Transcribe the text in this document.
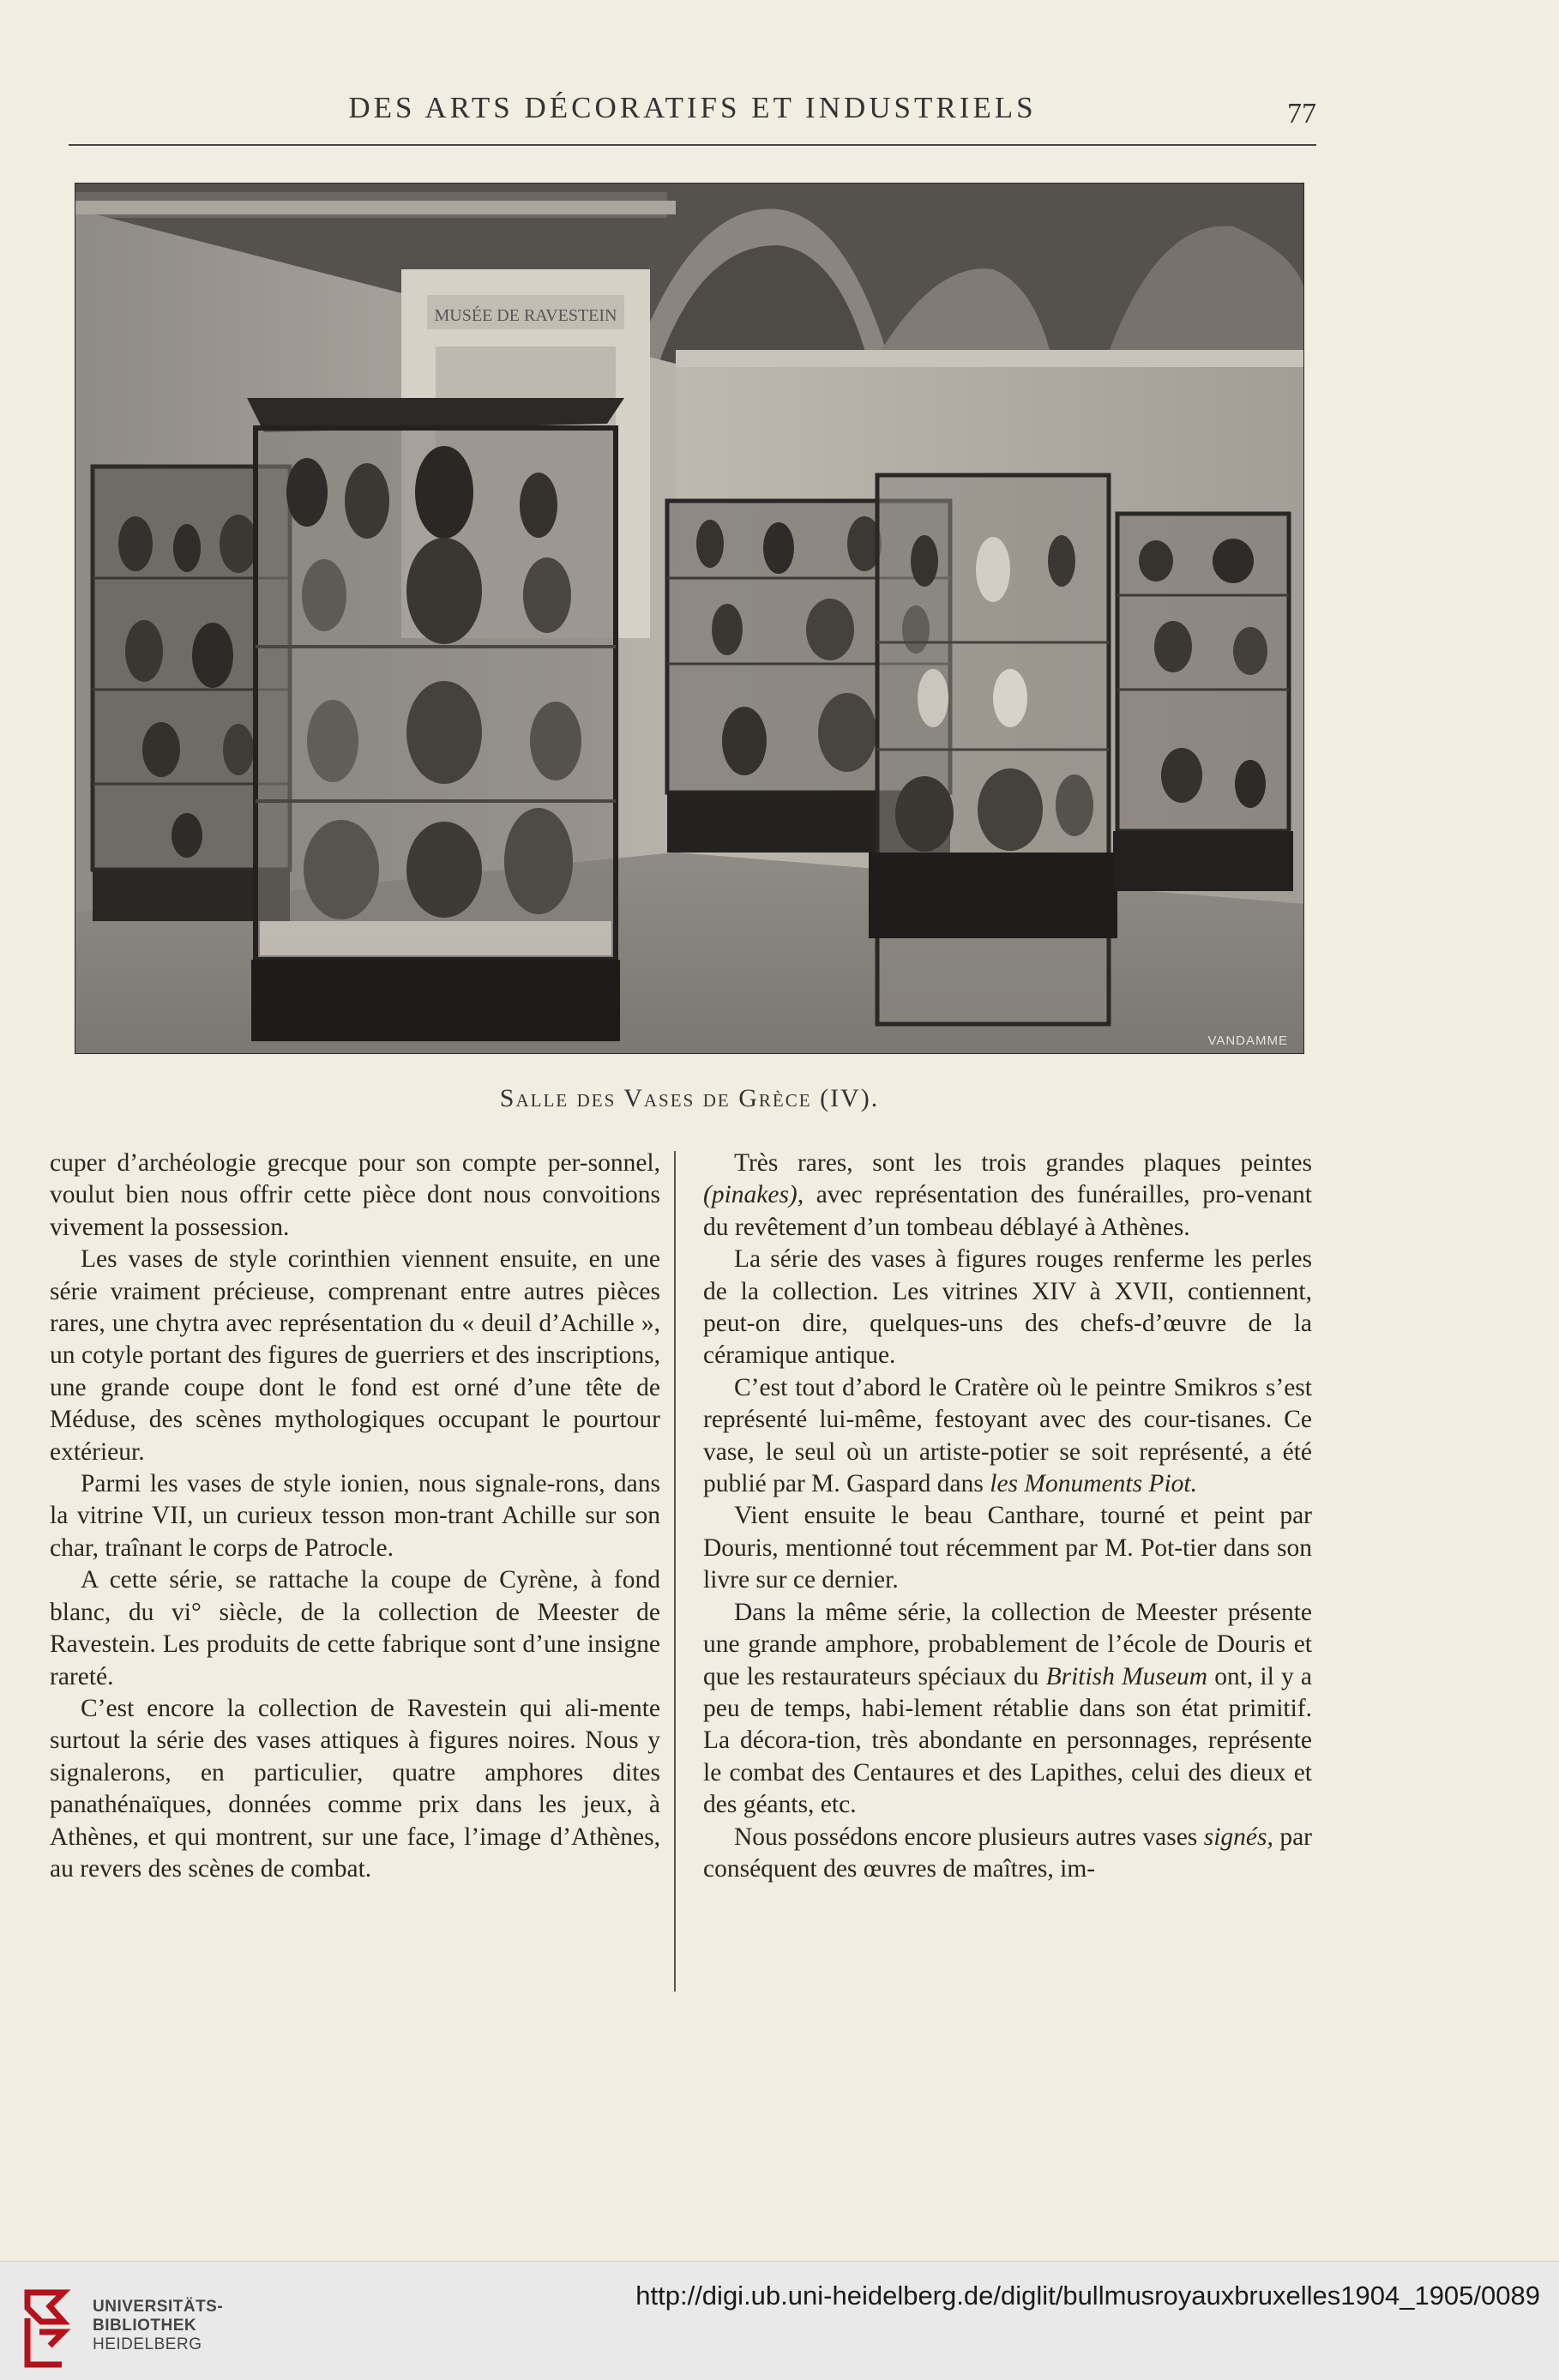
DES ARTS DÉCORATIFS ET INDUSTRIELS	77
MUSÉE DE RAVESTEIN
VANDAMME
Salle des Vases de Grèce (IV).

cuper d’archéologie grecque pour son compte per-sonnel, voulut bien nous offrir cette pièce dont nous convoitions vivement la possession.

Les vases de style corinthien viennent ensuite, en une série vraiment précieuse, comprenant entre autres pièces rares, une chytra avec représentation du « deuil d’Achille », un cotyle portant des figures de guerriers et des inscriptions, une grande coupe dont le fond est orné d’une tête de Méduse, des scènes mythologiques occupant le pourtour extérieur.

Parmi les vases de style ionien, nous signale-rons, dans la vitrine VII, un curieux tesson mon-trant Achille sur son char, traînant le corps de Patrocle.

A cette série, se rattache la coupe de Cyrène, à fond blanc, du vi° siècle, de la collection de Meester de Ravestein. Les produits de cette fabrique sont d’une insigne rareté.

C’est encore la collection de Ravestein qui ali-mente surtout la série des vases attiques à figures noires. Nous y signalerons, en particulier, quatre amphores dites panathénaïques, données comme prix dans les jeux, à Athènes, et qui montrent, sur une face, l’image d’Athènes, au revers des scènes de combat.

Très rares, sont les trois grandes plaques peintes (pinakes), avec représentation des funérailles, pro-venant du revêtement d’un tombeau déblayé à Athènes.

La série des vases à figures rouges renferme les perles de la collection. Les vitrines XIV à XVII, contiennent, peut-on dire, quelques-uns des chefs-d’œuvre de la céramique antique.

C’est tout d’abord le Cratère où le peintre Smikros s’est représenté lui-même, festoyant avec des cour-tisanes. Ce vase, le seul où un artiste-potier se soit représenté, a été publié par M. Gaspard dans les Monuments Piot.

Vient ensuite le beau Canthare, tourné et peint par Douris, mentionné tout récemment par M. Pot-tier dans son livre sur ce dernier.

Dans la même série, la collection de Meester présente une grande amphore, probablement de l’école de Douris et que les restaurateurs spéciaux du British Museum ont, il y a peu de temps, habi-lement rétablie dans son état primitif. La décora-tion, très abondante en personnages, représente le combat des Centaures et des Lapithes, celui des dieux et des géants, etc.

Nous possédons encore plusieurs autres vases signés, par conséquent des œuvres de maîtres, im-

UNIVERSITÄTS-
BIBLIOTHEK
HEIDELBERG
http://digi.ub.uni-heidelberg.de/diglit/bullmusroyauxbruxelles1904_1905/0089
